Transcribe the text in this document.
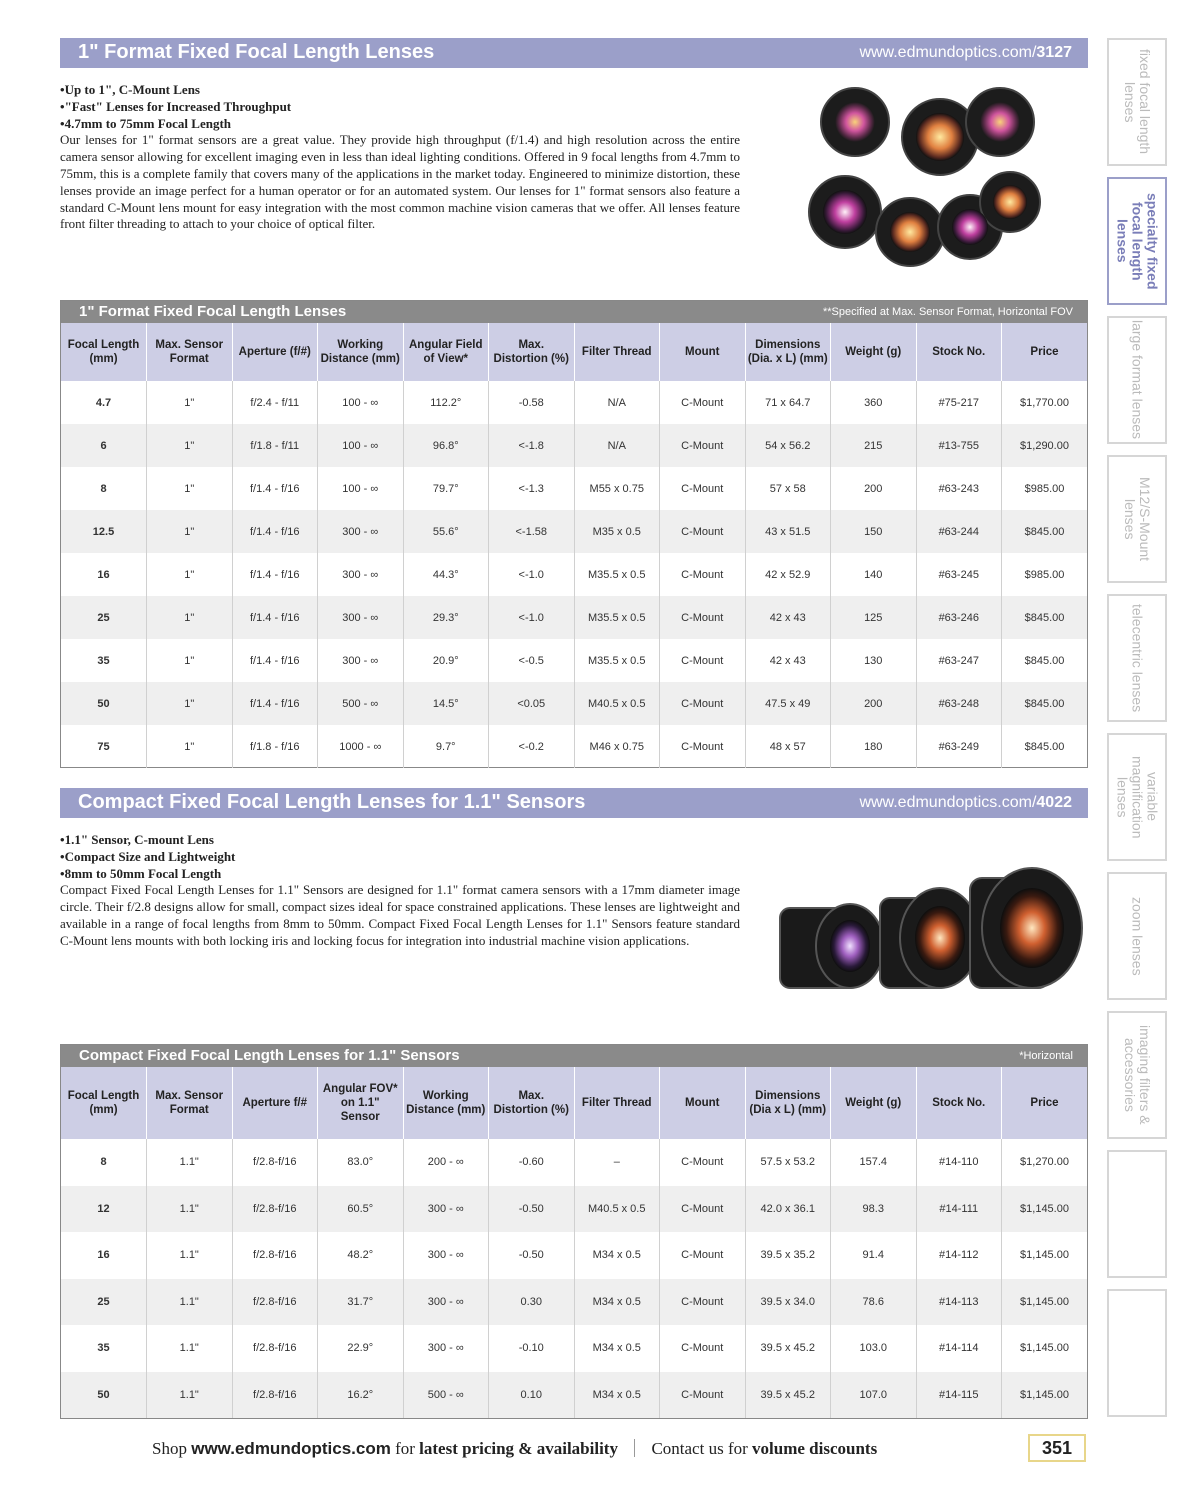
1" Format Fixed Focal Length Lenses	www.edmundoptics.com/3127
• Up to 1", C-Mount Lens
• "Fast" Lenses for Increased Throughput
• 4.7mm to 75mm Focal Length

Our lenses for 1" format sensors are a great value. They provide high throughput (f/1.4) and high resolution across the entire camera sensor allowing for excellent imaging even in less than ideal lighting conditions. Offered in 9 focal lengths from 4.7mm to 75mm, this is a complete family that covers many of the applications in the market today. Engineered to minimize distortion, these lenses provide an image perfect for a human operator or for an automated system. Our lenses for 1" format sensors also feature a standard C-Mount lens mount for easy integration with the most common machine vision cameras that we offer. All lenses feature front filter threading to attach to your choice of optical filter.

1" Format Fixed Focal Length Lenses	**Specified at Max. Sensor Format, Horizontal FOV
Focal Length (mm)	Max. Sensor Format	Aperture (f/#)	Working Distance (mm)	Angular Field of View*	Max. Distortion (%)	Filter Thread	Mount	Dimensions (Dia. x L) (mm)	Weight (g)	Stock No.	Price
4.7	1"	f/2.4 - f/11	100 - ∞	112.2°	-0.58	N/A	C-Mount	71 x 64.7	360	#75-217	$1,770.00
6	1"	f/1.8 - f/11	100 - ∞	96.8°	<-1.8	N/A	C-Mount	54 x 56.2	215	#13-755	$1,290.00
8	1"	f/1.4 - f/16	100 - ∞	79.7°	<-1.3	M55 x 0.75	C-Mount	57 x 58	200	#63-243	$985.00
12.5	1"	f/1.4 - f/16	300 - ∞	55.6°	<-1.58	M35 x 0.5	C-Mount	43 x 51.5	150	#63-244	$845.00
16	1"	f/1.4 - f/16	300 - ∞	44.3°	<-1.0	M35.5 x 0.5	C-Mount	42 x 52.9	140	#63-245	$985.00
25	1"	f/1.4 - f/16	300 - ∞	29.3°	<-1.0	M35.5 x 0.5	C-Mount	42 x 43	125	#63-246	$845.00
35	1"	f/1.4 - f/16	300 - ∞	20.9°	<-0.5	M35.5 x 0.5	C-Mount	42 x 43	130	#63-247	$845.00
50	1"	f/1.4 - f/16	500 - ∞	14.5°	<0.05	M40.5 x 0.5	C-Mount	47.5 x 49	200	#63-248	$845.00
75	1"	f/1.8 - f/16	1000 - ∞	9.7°	<-0.2	M46 x 0.75	C-Mount	48 x 57	180	#63-249	$845.00
Compact Fixed Focal Length Lenses for 1.1" Sensors	www.edmundoptics.com/4022
• 1.1" Sensor, C-mount Lens
• Compact Size and Lightweight
• 8mm to 50mm Focal Length

Compact Fixed Focal Length Lenses for 1.1" Sensors are designed for 1.1" format camera sensors with a 17mm diameter image circle. Their f/2.8 designs allow for small, compact sizes ideal for space constrained applications. These lenses are lightweight and available in a range of focal lengths from 8mm to 50mm. Compact Fixed Focal Length Lenses for 1.1" Sensors feature standard C-Mount lens mounts with both locking iris and locking focus for integration into industrial machine vision applications.

Compact Fixed Focal Length Lenses for 1.1" Sensors	*Horizontal
Focal Length (mm)	Max. Sensor Format	Aperture f/#	Angular FOV* on 1.1" Sensor	Working Distance (mm)	Max. Distortion (%)	Filter Thread	Mount	Dimensions (Dia x L) (mm)	Weight (g)	Stock No.	Price
8	1.1"	f/2.8-f/16	83.0°	200 - ∞	-0.60	–	C-Mount	57.5 x 53.2	157.4	#14-110	$1,270.00
12	1.1"	f/2.8-f/16	60.5°	300 - ∞	-0.50	M40.5 x 0.5	C-Mount	42.0 x 36.1	98.3	#14-111	$1,145.00
16	1.1"	f/2.8-f/16	48.2°	300 - ∞	-0.50	M34 x 0.5	C-Mount	39.5 x 35.2	91.4	#14-112	$1,145.00
25	1.1"	f/2.8-f/16	31.7°	300 - ∞	0.30	M34 x 0.5	C-Mount	39.5 x 34.0	78.6	#14-113	$1,145.00
35	1.1"	f/2.8-f/16	22.9°	300 - ∞	-0.10	M34 x 0.5	C-Mount	39.5 x 45.2	103.0	#14-114	$1,145.00
50	1.1"	f/2.8-f/16	16.2°	500 - ∞	0.10	M34 x 0.5	C-Mount	39.5 x 45.2	107.0	#14-115	$1,145.00
fixed focal length lenses
specialty fixed focal length lenses
large format lenses
M12/S-Mount lenses
telecentric lenses
variable magnification lenses
zoom lenses
imaging filters & accessories
Shop www.edmundoptics.com for latest pricing & availability Contact us for volume discounts	351
